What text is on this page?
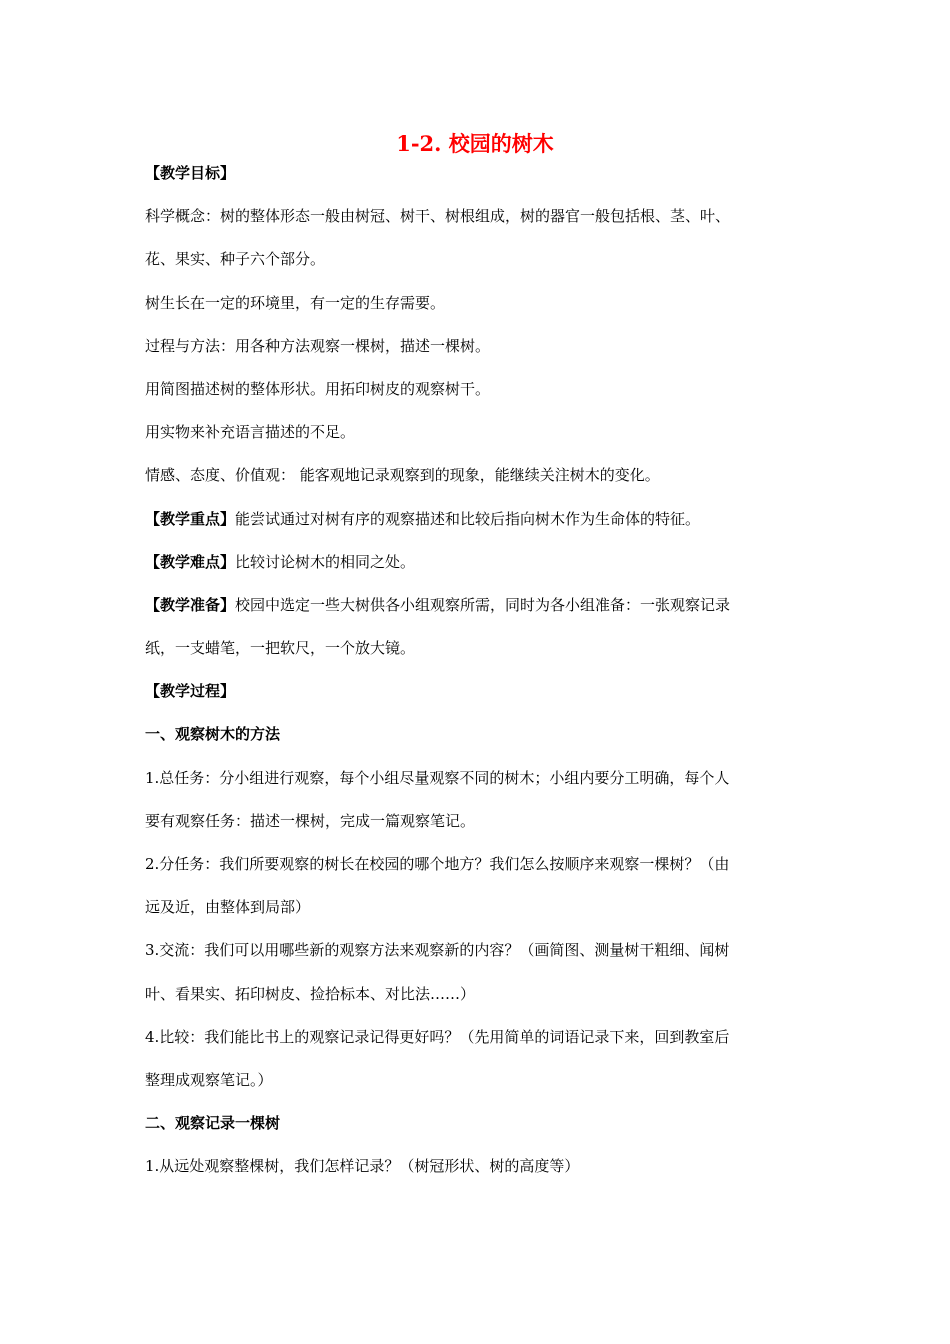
1-2. 校园的树木
【教学目标】
科学概念：树的整体形态一般由树冠、树干、树根组成，树的器官一般包括根、茎、叶、
花、果实、种子六个部分。
树生长在一定的环境里，有一定的生存需要。
过程与方法：用各种方法观察一棵树，描述一棵树。
用简图描述树的整体形状。用拓印树皮的观察树干。
用实物来补充语言描述的不足。
情感、态度、价值观： 能客观地记录观察到的现象，能继续关注树木的变化。
【教学重点】能尝试通过对树有序的观察描述和比较后指向树木作为生命体的特征。
【教学难点】比较讨论树木的相同之处。
【教学准备】校园中选定一些大树供各小组观察所需，同时为各小组准备：一张观察记录
纸，一支蜡笔，一把软尺，一个放大镜。
【教学过程】
一、观察树木的方法
1.总任务：分小组进行观察，每个小组尽量观察不同的树木；小组内要分工明确，每个人
要有观察任务：描述一棵树，完成一篇观察笔记。
2.分任务：我们所要观察的树长在校园的哪个地方？我们怎么按顺序来观察一棵树？（由
远及近，由整体到局部）
3.交流：我们可以用哪些新的观察方法来观察新的内容？（画简图、测量树干粗细、闻树
叶、看果实、拓印树皮、捡拾标本、对比法……）
4.比较：我们能比书上的观察记录记得更好吗？（先用简单的词语记录下来，回到教室后
整理成观察笔记。）
二、观察记录一棵树
1.从远处观察整棵树，我们怎样记录？（树冠形状、树的高度等）
